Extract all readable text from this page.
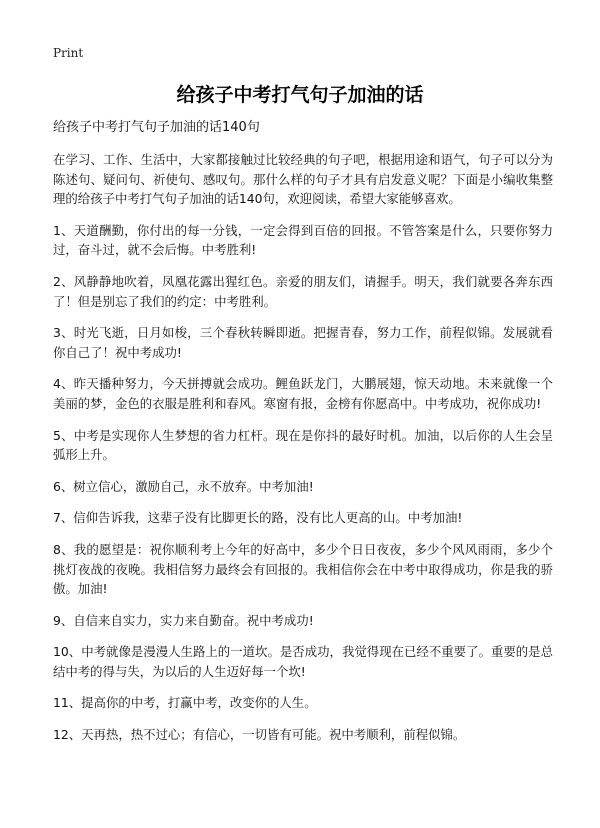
Print
给孩子中考打气句子加油的话

给孩子中考打气句子加油的话140句

在学习、工作、生活中，大家都接触过比较经典的句子吧，根据用途和语气，句子可以分为陈述句、疑问句、祈使句、感叹句。那什么样的句子才具有启发意义呢？下面是小编收集整理的给孩子中考打气句子加油的话140句，欢迎阅读，希望大家能够喜欢。

1、天道酬勤，你付出的每一分钱，一定会得到百倍的回报。不管答案是什么，只要你努力过，奋斗过，就不会后悔。中考胜利!

2、风静静地吹着，凤凰花露出猩红色。亲爱的朋友们，请握手。明天，我们就要各奔东西了！但是别忘了我们的约定：中考胜利。

3、时光飞逝，日月如梭，三个春秋转瞬即逝。把握青春，努力工作，前程似锦。发展就看你自己了！祝中考成功!

4、昨天播种努力，今天拼搏就会成功。鲤鱼跃龙门，大鹏展翅，惊天动地。未来就像一个美丽的梦，金色的衣服是胜利和春风。寒窗有报，金榜有你愿高中。中考成功，祝你成功!

5、中考是实现你人生梦想的省力杠杆。现在是你抖的最好时机。加油，以后你的人生会呈弧形上升。

6、树立信心，激励自己，永不放弃。中考加油!

7、信仰告诉我，这辈子没有比脚更长的路，没有比人更高的山。中考加油!

8、我的愿望是：祝你顺利考上今年的好高中，多少个日日夜夜，多少个风风雨雨，多少个挑灯夜战的夜晚。我相信努力最终会有回报的。我相信你会在中考中取得成功，你是我的骄傲。加油!

9、自信来自实力，实力来自勤奋。祝中考成功!

10、中考就像是漫漫人生路上的一道坎。是否成功，我觉得现在已经不重要了。重要的是总结中考的得与失，为以后的人生迈好每一个坎!

11、提高你的中考，打赢中考，改变你的人生。

12、天再热，热不过心；有信心，一切皆有可能。祝中考顺利，前程似锦。
